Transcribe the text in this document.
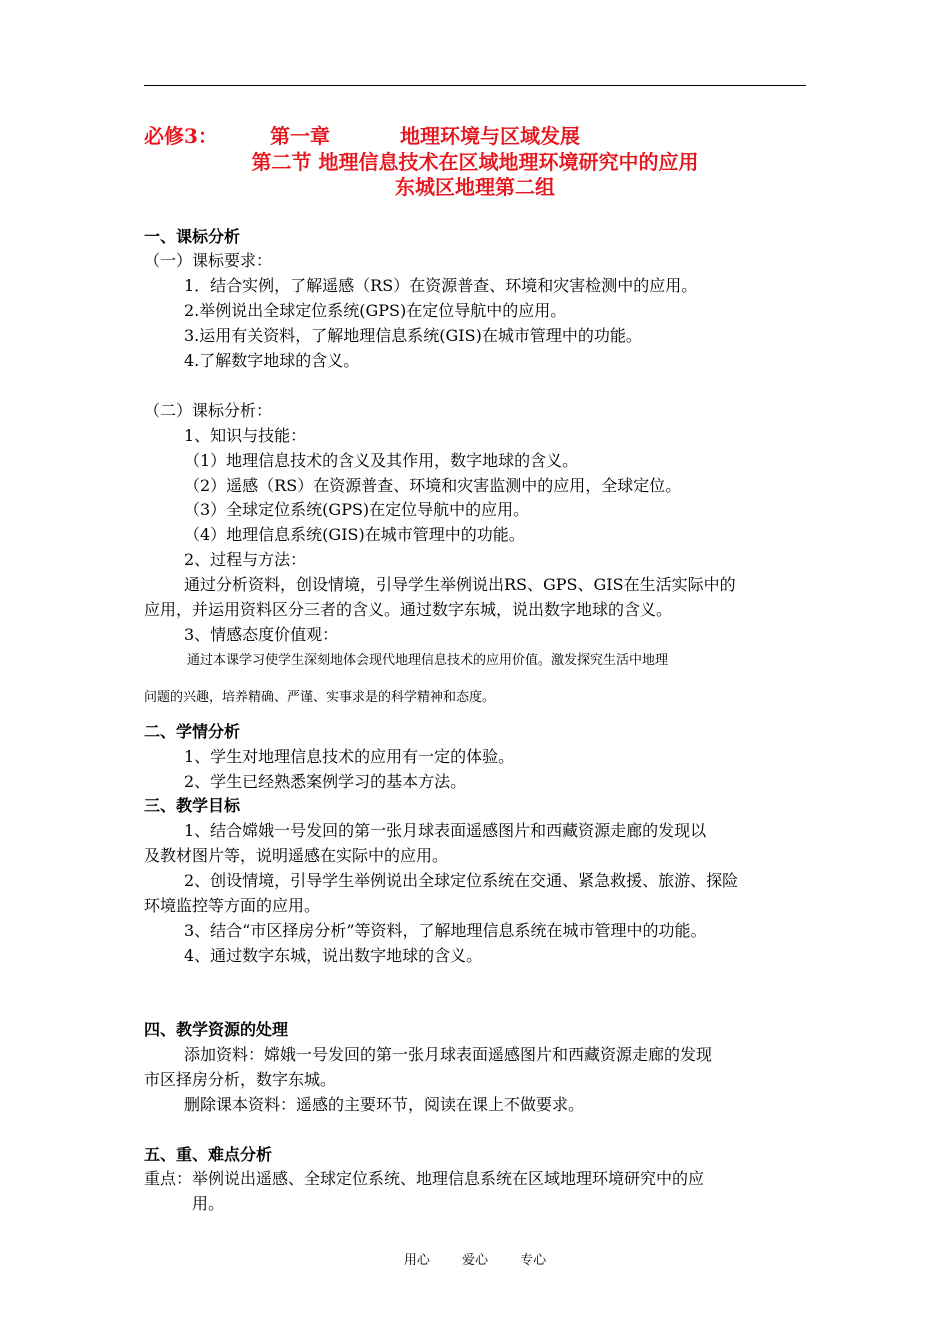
必修3：	第一章	地理环境与区域发展
第二节 地理信息技术在区域地理环境研究中的应用
东城区地理第二组
一、课标分析
（一）课标要求：
1．结合实例，了解遥感（RS）在资源普查、环境和灾害检测中的应用。
2.举例说出全球定位系统(GPS)在定位导航中的应用。
3.运用有关资料，了解地理信息系统(GIS)在城市管理中的功能。
4.了解数字地球的含义。
（二）课标分析：
1、知识与技能：
（1）地理信息技术的含义及其作用，数字地球的含义。
（2）遥感（RS）在资源普查、环境和灾害监测中的应用，全球定位。
（3）全球定位系统(GPS)在定位导航中的应用。
（4）地理信息系统(GIS)在城市管理中的功能。
2、过程与方法：
通过分析资料，创设情境，引导学生举例说出RS、GPS、GIS在生活实际中的
应用，并运用资料区分三者的含义。通过数字东城，说出数字地球的含义。
3、情感态度价值观：
通过本课学习使学生深刻地体会现代地理信息技术的应用价值。激发探究生活中地理
问题的兴趣，培养精确、严谨、实事求是的科学精神和态度。
二、学情分析
1、学生对地理信息技术的应用有一定的体验。
2、学生已经熟悉案例学习的基本方法。
三、教学目标
1、结合嫦娥一号发回的第一张月球表面遥感图片和西藏资源走廊的发现以
及教材图片等，说明遥感在实际中的应用。
2、创设情境，引导学生举例说出全球定位系统在交通、紧急救援、旅游、探险
环境监控等方面的应用。
3、结合“市区择房分析”等资料，了解地理信息系统在城市管理中的功能。
4、通过数字东城，说出数字地球的含义。
四、教学资源的处理
添加资料：嫦娥一号发回的第一张月球表面遥感图片和西藏资源走廊的发现
市区择房分析，数字东城。
删除课本资料：遥感的主要环节，阅读在课上不做要求。
五、重、难点分析
重点：举例说出遥感、全球定位系统、地理信息系统在区域地理环境研究中的应
用。
用心 爱心 专心
